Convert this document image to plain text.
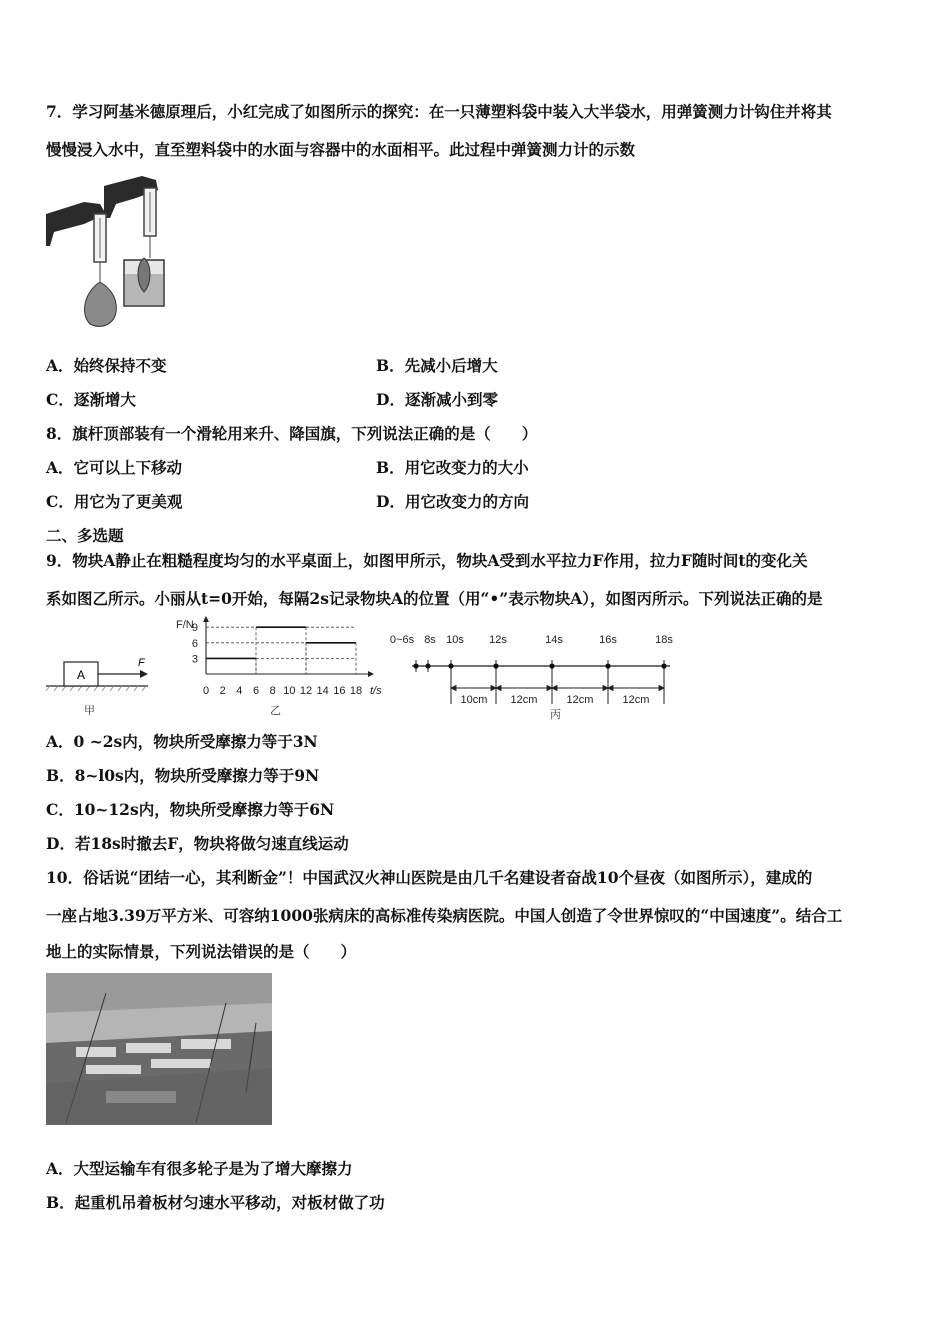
7．学习阿基米德原理后，小红完成了如图所示的探究：在一只薄塑料袋中装入大半袋水，用弹簧测力计钩住并将其
慢慢浸入水中，直至塑料袋中的水面与容器中的水面相平。此过程中弹簧测力计的示数
A．始终保持不变	B．先减小后增大
C．逐渐增大	D．逐渐减小到零
8．旗杆顶部装有一个滑轮用来升、降国旗，下列说法正确的是（　　）
A．它可以上下移动	B．用它改变力的大小
C．用它为了更美观	D．用它改变力的方向
二、多选题
9．物块A静止在粗糙程度均匀的水平桌面上，如图甲所示，物块A受到水平拉力F作用，拉力F随时间t的变化关
系如图乙所示。小丽从t=0开始，每隔2s记录物块A的位置（用“•”表示物块A），如图丙所示。下列说法正确的是
A
F
甲
F/N
t/s
0 2 4 6 8 10 12 14 16 18
3
6
9
乙
0~6s 8s 10s 12s	14s	16s	18s
10cm 12cm	12cm	12cm
丙
A．0 ~2s内，物块所受摩擦力等于3N
B．8~l0s内，物块所受摩擦力等于9N
C．10~12s内，物块所受摩擦力等于6N
D．若18s时撤去F，物块将做匀速直线运动
10．俗话说“团结一心，其利断金”！中国武汉火神山医院是由几千名建设者奋战10个昼夜（如图所示），建成的
一座占地3.39万平方米、可容纳1000张病床的高标准传染病医院。中国人创造了令世界惊叹的“中国速度”。结合工
地上的实际情景，下列说法错误的是（　　）
A．大型运输车有很多轮子是为了增大摩擦力
B．起重机吊着板材匀速水平移动，对板材做了功
